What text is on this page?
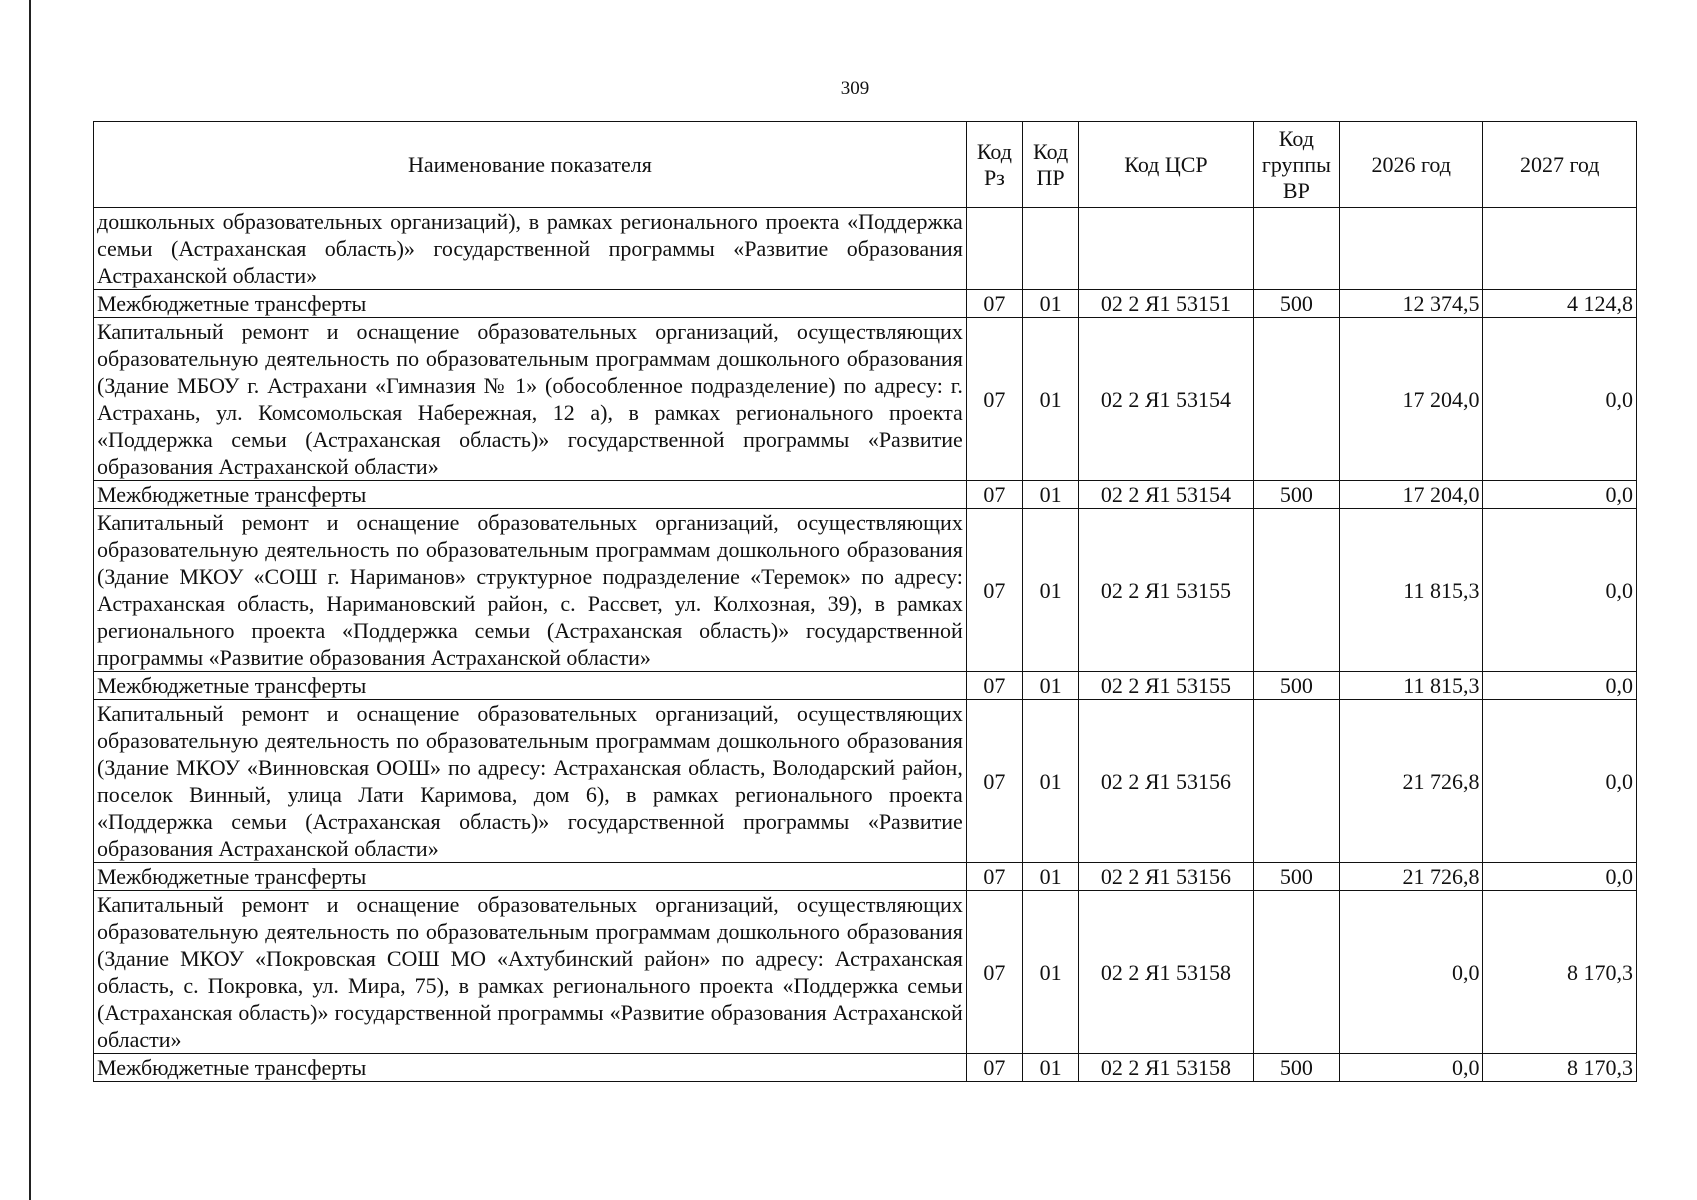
309
Наименование показателя	Код Рз	Код ПР	Код ЦСР	Код группы ВР	2026 год	2027 год
дошкольных образовательных организаций), в рамках регионального проекта «Поддержка семьи (Астраханская область)» государственной программы «Развитие образования Астраханской области»						
Межбюджетные трансферты	07	01	02 2 Я1 53151	500	12 374,5	4 124,8
Капитальный ремонт и оснащение образовательных организаций, осуществляющих образовательную деятельность по образовательным программам дошкольного образования (Здание МБОУ г. Астрахани «Гимназия № 1» (обособленное подразделение) по адресу: г. Астрахань, ул. Комсомольская Набережная, 12 а), в рамках регионального проекта «Поддержка семьи (Астраханская область)» государственной программы «Развитие образования Астраханской области»	07	01	02 2 Я1 53154		17 204,0	0,0
Межбюджетные трансферты	07	01	02 2 Я1 53154	500	17 204,0	0,0
Капитальный ремонт и оснащение образовательных организаций, осуществляющих образовательную деятельность по образовательным программам дошкольного образования (Здание МКОУ «СОШ г. Нариманов» структурное подразделение «Теремок» по адресу: Астраханская область, Наримановский район, с. Рассвет, ул. Колхозная, 39), в рамках регионального проекта «Поддержка семьи (Астраханская область)» государственной программы «Развитие образования Астраханской области»	07	01	02 2 Я1 53155		11 815,3	0,0
Межбюджетные трансферты	07	01	02 2 Я1 53155	500	11 815,3	0,0
Капитальный ремонт и оснащение образовательных организаций, осуществляющих образовательную деятельность по образовательным программам дошкольного образования (Здание МКОУ «Винновская ООШ» по адресу: Астраханская область, Володарский район, поселок Винный, улица Лати Каримова, дом 6), в рамках регионального проекта «Поддержка семьи (Астраханская область)» государственной программы «Развитие образования Астраханской области»	07	01	02 2 Я1 53156		21 726,8	0,0
Межбюджетные трансферты	07	01	02 2 Я1 53156	500	21 726,8	0,0
Капитальный ремонт и оснащение образовательных организаций, осуществляющих образовательную деятельность по образовательным программам дошкольного образования (Здание МКОУ «Покровская СОШ МО «Ахтубинский район» по адресу: Астраханская область, с. Покровка, ул. Мира, 75), в рамках регионального проекта «Поддержка семьи (Астраханская область)» государственной программы «Развитие образования Астраханской области»	07	01	02 2 Я1 53158		0,0	8 170,3
Межбюджетные трансферты	07	01	02 2 Я1 53158	500	0,0	8 170,3
